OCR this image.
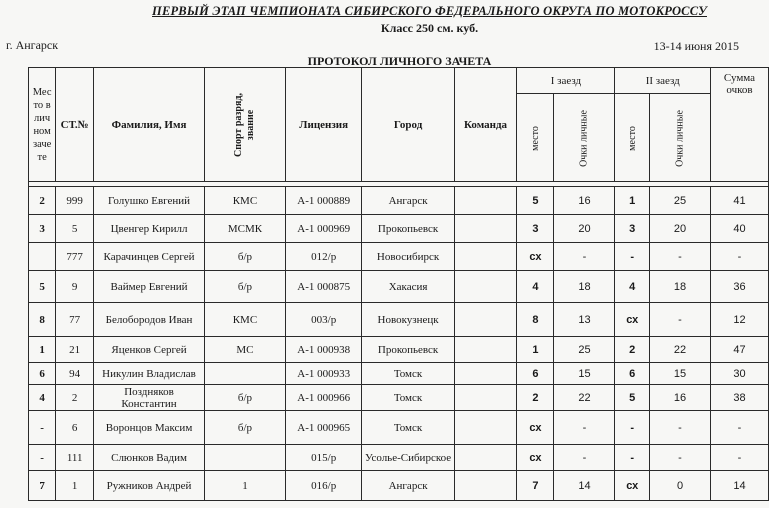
ПЕРВЫЙ ЭТАП ЧЕМПИОНАТА СИБИРСКОГО ФЕДЕРАЛЬНОГО ОКРУГА ПО МОТОКРОССУ
Класс 250 см. куб.
г. Ангарск	13-14 июня 2015
ПРОТОКОЛ ЛИЧНОГО ЗАЧЕТА
Мес то в лич ном заче те	СТ.№	Фамилия, Имя	Спорт разряд, звание	Лицензия	Город	Команда	I заезд		II заезд		Сумма очков
							место	Очки личные	место	Очки личные	

2	999	Голушко Евгений	КМС	А-1 000889	Ангарск		5	16	1	25	41
3	5	Цвенгер Кирилл	МСМК	А-1 000969	Прокопьевск		3	20	3	20	40
	777	Карачинцев Сергей	б/р	012/р	Новосибирск		сх	-	-	-	-
5	9	Ваймер Евгений	б/р	А-1 000875	Хакасия		4	18	4	18	36
8	77	Белобородов Иван	КМС	003/р	Новокузнецк		8	13	сх	-	12
1	21	Яценков Сергей	МС	А-1 000938	Прокопьевск		1	25	2	22	47
6	94	Никулин Владислав		А-1 000933	Томск		6	15	6	15	30
4	2	Поздняков Константин	б/р	А-1 000966	Томск		2	22	5	16	38
-	6	Воронцов Максим	б/р	А-1 000965	Томск		сх	-	-	-	-
-	111	Слюнков Вадим		015/р	Усолье-Сибирское		сх	-	-	-	-
7	1	Ружников Андрей	1	016/р	Ангарск		7	14	сх	0	14
